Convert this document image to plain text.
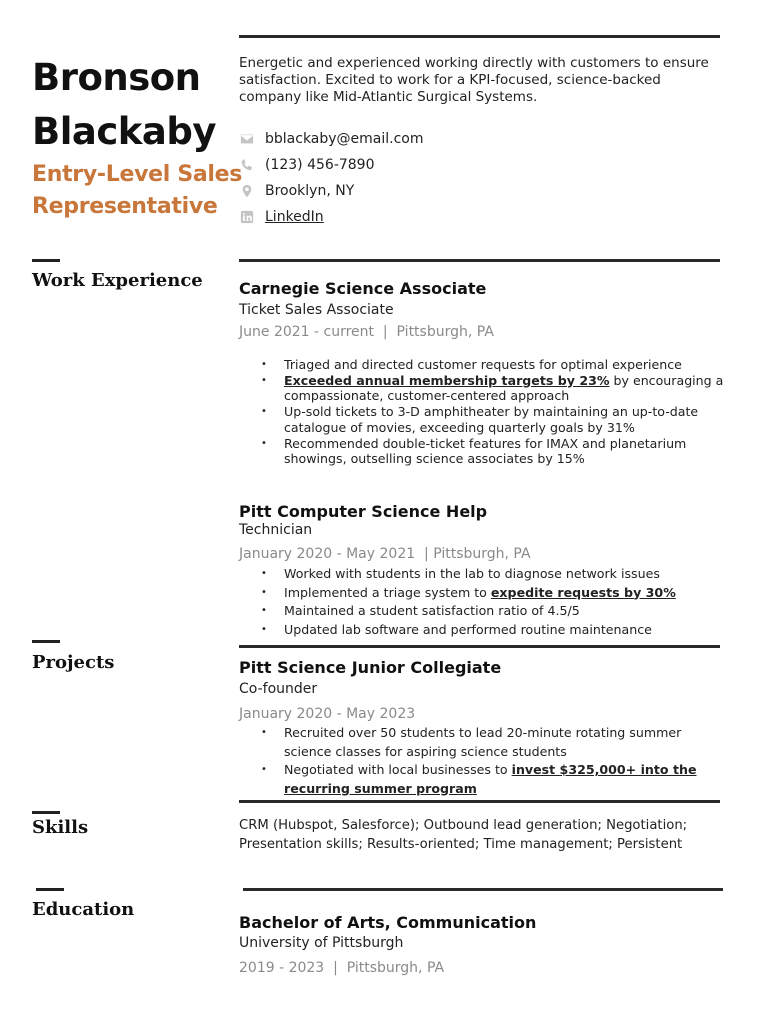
Bronson
Blackaby
Entry-Level Sales
Representative
Energetic and experienced working directly with customers to ensure
satisfaction. Excited to work for a KPI-focused, science-backed
company like Mid-Atlantic Surgical Systems.
bblackaby@email.com
(123) 456-7890
Brooklyn, NY
LinkedIn
Work Experience Carnegie Science Associate
Ticket Sales Associate
June 2021 - current  |  Pittsburgh, PA
• Triaged and directed customer requests for optimal experience
• Exceeded annual membership targets by 23% by encouraging a
compassionate, customer-centered approach
• Up-sold tickets to 3-D amphitheater by maintaining an up-to-date
catalogue of movies, exceeding quarterly goals by 31%
• Recommended double-ticket features for IMAX and planetarium
showings, outselling science associates by 15%
Pitt Computer Science Help
Technician
January 2020 - May 2021  | Pittsburgh, PA
• Worked with students in the lab to diagnose network issues
• Implemented a triage system to expedite requests by 30%
• Maintained a student satisfaction ratio of 4.5/5
• Updated lab software and performed routine maintenance
Projects	Pitt Science Junior Collegiate
Co-founder
January 2020 - May 2023
• Recruited over 50 students to lead 20-minute rotating summer
science classes for aspiring science students
• Negotiated with local businesses to invest $325,000+ into the
recurring summer program
Skills	CRM (Hubspot, Salesforce); Outbound lead generation; Negotiation;
Presentation skills; Results-oriented; Time management; Persistent
Education
Bachelor of Arts, Communication
University of Pittsburgh
2019 - 2023  |  Pittsburgh, PA
